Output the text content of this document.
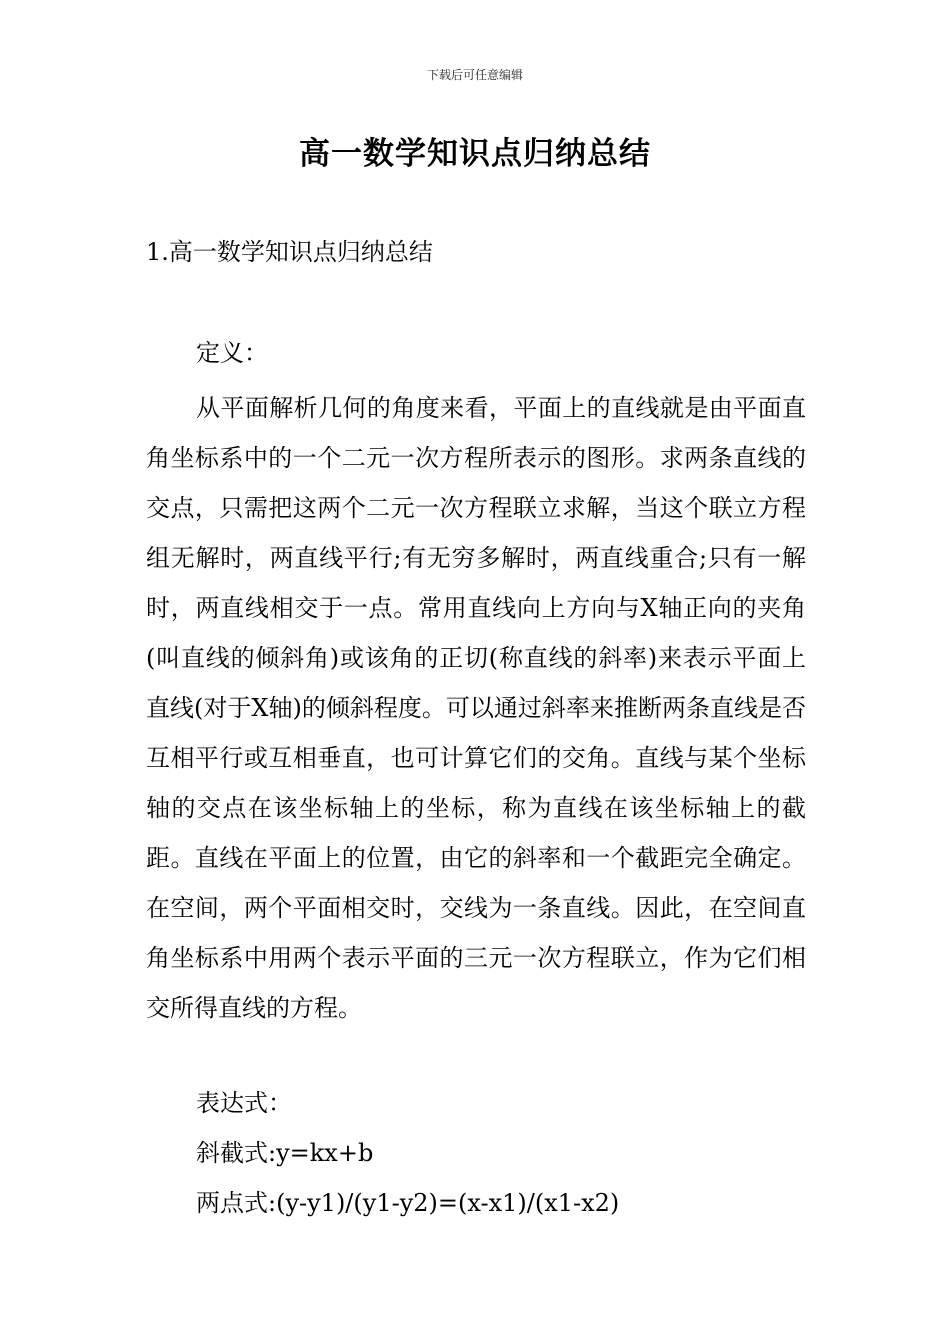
下载后可任意编辑
高一数学知识点归纳总结
1.高一数学知识点归纳总结
定义：

从平面解析几何的角度来看，平面上的直线就是由平面直角坐标系中的一个二元一次方程所表示的图形。求两条直线的交点，只需把这两个二元一次方程联立求解，当这个联立方程组无解时，两直线平行;有无穷多解时，两直线重合;只有一解时，两直线相交于一点。常用直线向上方向与X轴正向的夹角(叫直线的倾斜角)或该角的正切(称直线的斜率)来表示平面上直线(对于X轴)的倾斜程度。可以通过斜率来推断两条直线是否互相平行或互相垂直，也可计算它们的交角。直线与某个坐标轴的交点在该坐标轴上的坐标，称为直线在该坐标轴上的截距。直线在平面上的位置，由它的斜率和一个截距完全确定。在空间，两个平面相交时，交线为一条直线。因此，在空间直角坐标系中用两个表示平面的三元一次方程联立，作为它们相交所得直线的方程。

表达式：
斜截式:y=kx+b
两点式:(y-y1)/(y1-y2)=(x-x1)/(x1-x2)
